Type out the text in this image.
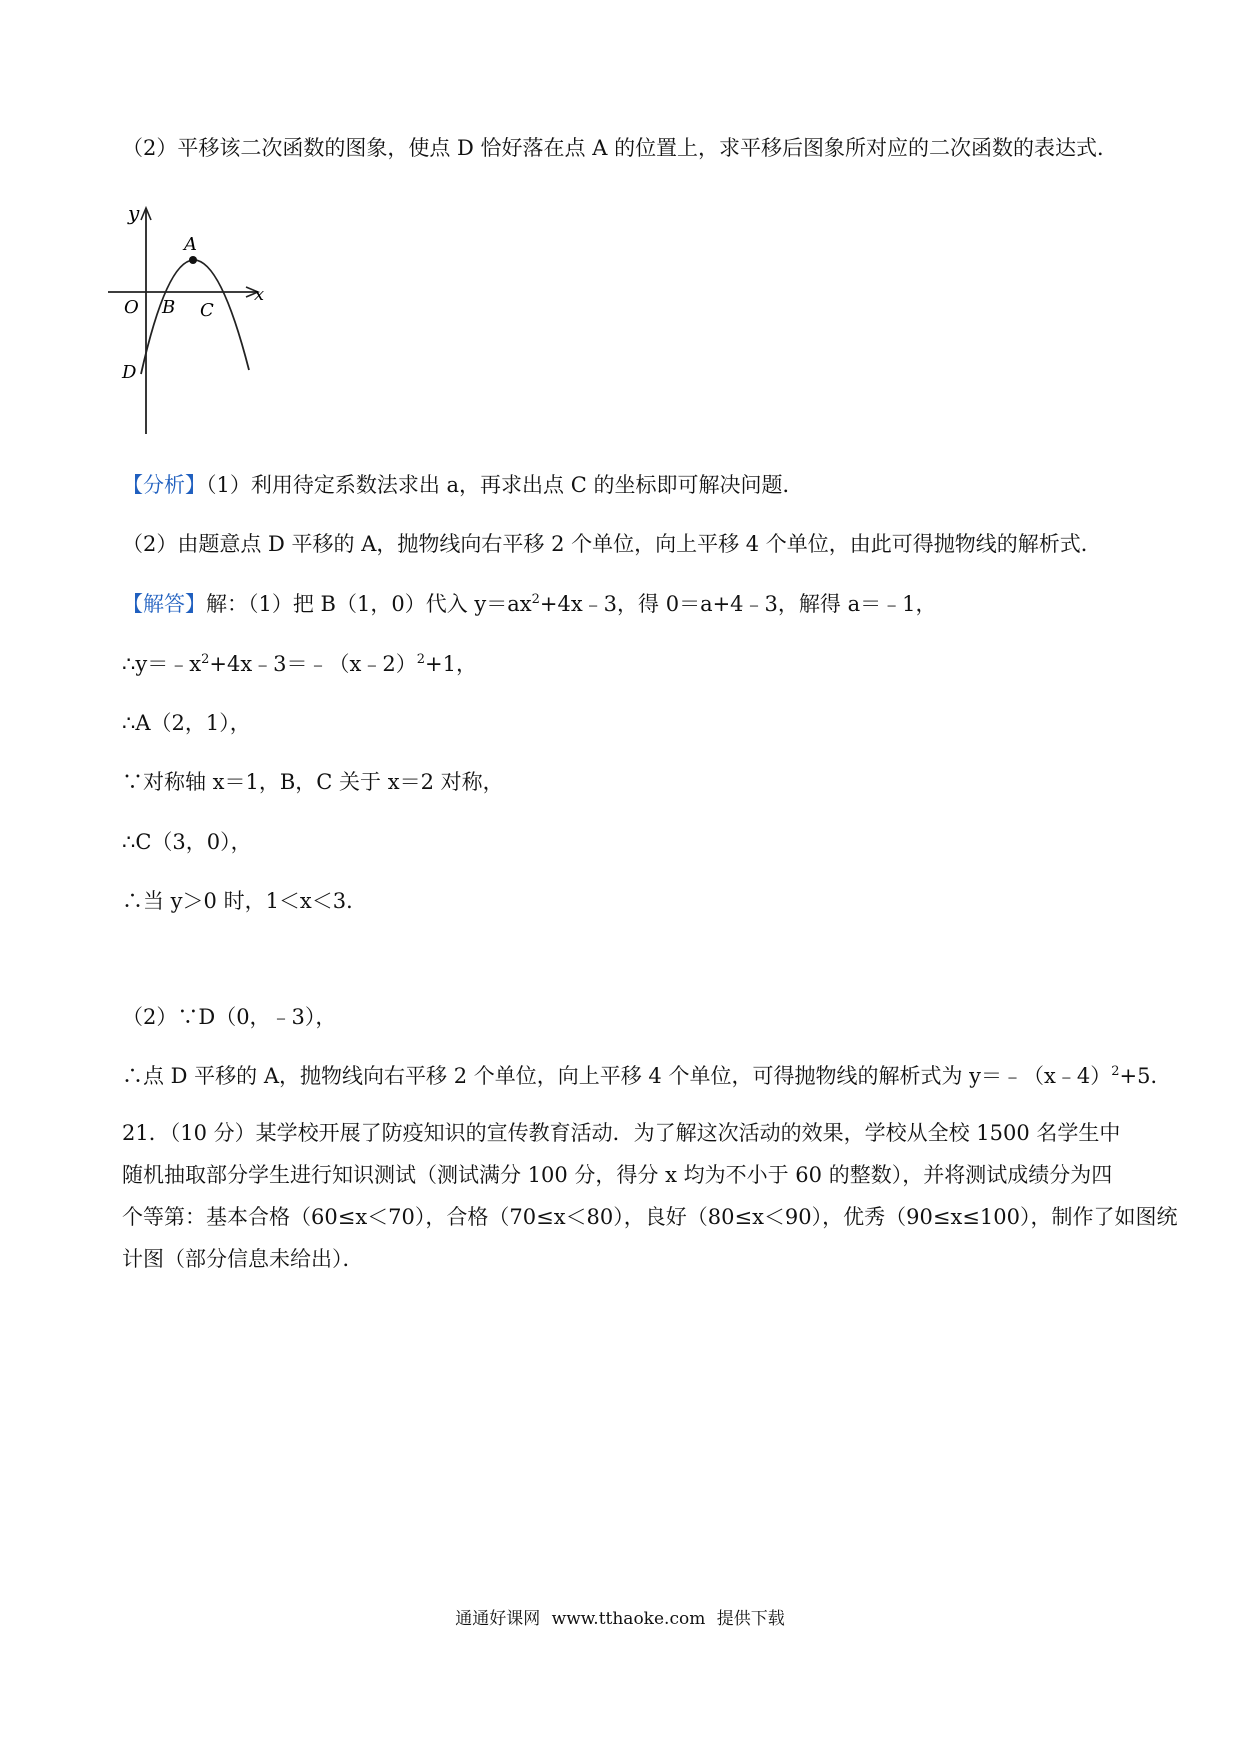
（2）平移该二次函数的图象，使点 D 恰好落在点 A 的位置上，求平移后图象所对应的二次函数的表达式．
y
x
O
A
B C
D
【分析】（1）利用待定系数法求出 a，再求出点 C 的坐标即可解决问题．
（2）由题意点 D 平移的 A，抛物线向右平移 2 个单位，向上平移 4 个单位，由此可得抛物线的解析式．
【解答】解：（1）把 B（1，0）代入 $y=ax^2+4x﹣3$，得 0＝a+4﹣3，解得 a＝﹣1，
$\therefore y=﹣x^2+4x﹣3=﹣(x﹣2)^2+1$，
∴A（2，1），
∵对称轴 x＝1，B，C 关于 x＝2 对称，
∴C（3，0），
∴当 y＞0 时，1＜x＜3．
（2）∵D（0，﹣3），
∴点 D 平移的 A，抛物线向右平移 2 个单位，向上平移 4 个单位，可得抛物线的解析式为 y＝﹣（x﹣4）$^2$+5．
21．（10 分）某学校开展了防疫知识的宣传教育活动．为了解这次活动的效果，学校从全校 1500 名学生中
随机抽取部分学生进行知识测试（测试满分 100 分，得分 x 均为不小于 60 的整数），并将测试成绩分为四
个等第：基本合格（60≤x＜70），合格（70≤x＜80），良好（80≤x＜90），优秀（90≤x≤100），制作了如图统
计图（部分信息未给出）．
通通好课网 www.tthaoke.com 提供下载
